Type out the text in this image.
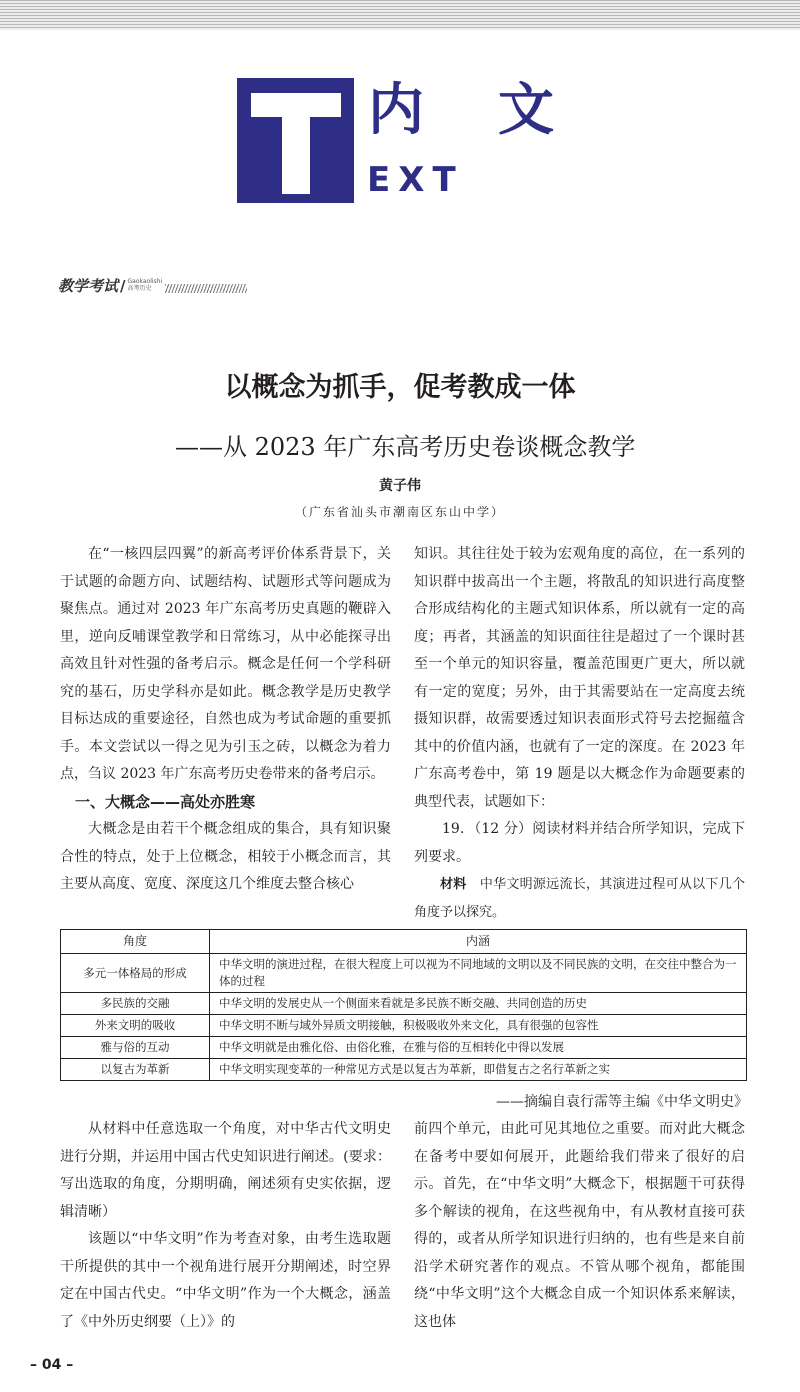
内文
EXT
教学考试 / Gaokaolishi
高考历史
以概念为抓手，促考教成一体
——从 2023 年广东高考历史卷谈概念教学
黄子伟
（广东省汕头市潮南区东山中学）

在“一核四层四翼”的新高考评价体系背景下，关于试题的命题方向、试题结构、试题形式等问题成为聚焦点。通过对 2023 年广东高考历史真题的鞭辟入里，逆向反哺课堂教学和日常练习，从中必能探寻出高效且针对性强的备考启示。概念是任何一个学科研究的基石，历史学科亦是如此。概念教学是历史教学目标达成的重要途径，自然也成为考试命题的重要抓手。本文尝试以一得之见为引玉之砖，以概念为着力点，刍议 2023 年广东高考历史卷带来的备考启示。

一、大概念——高处亦胜寒

大概念是由若干个概念组成的集合，具有知识聚合性的特点，处于上位概念，相较于小概念而言，其主要从高度、宽度、深度这几个维度去整合核心

知识。其往往处于较为宏观角度的高位，在一系列的知识群中拔高出一个主题，将散乱的知识进行高度整合形成结构化的主题式知识体系，所以就有一定的高度；再者，其涵盖的知识面往往是超过了一个课时甚至一个单元的知识容量，覆盖范围更广更大，所以就有一定的宽度；另外，由于其需要站在一定高度去统摄知识群，故需要透过知识表面形式符号去挖掘蕴含其中的价值内涵，也就有了一定的深度。在 2023 年广东高考卷中，第 19 题是以大概念作为命题要素的典型代表，试题如下：

19．（12 分）阅读材料并结合所学知识，完成下列要求。

材料　 中华文明源远流长，其演进过程可从以下几个角度予以探究。

角度	内涵
多元一体格局的形成	中华文明的演进过程，在很大程度上可以视为不同地域的文明以及不同民族的文明，在交往中整合为一体的过程
多民族的交融	中华文明的发展史从一个侧面来看就是多民族不断交融、共同创造的历史
外来文明的吸收	中华文明不断与域外异质文明接触，积极吸收外来文化，具有很强的包容性
雅与俗的互动	中华文明就是由雅化俗、由俗化雅，在雅与俗的互相转化中得以发展
以复古为革新	中华文明实现变革的一种常见方式是以复古为革新，即借复古之名行革新之实
——摘编自袁行霈等主编《中华文明史》

从材料中任意选取一个角度，对中华古代文明史进行分期，并运用中国古代史知识进行阐述。(要求：写出选取的角度，分期明确，阐述须有史实依据，逻辑清晰）

该题以“中华文明”作为考查对象，由考生选取题干所提供的其中一个视角进行展开分期阐述，时空界定在中国古代史。“中华文明”作为一个大概念，涵盖了《中外历史纲要（上）》的

前四个单元，由此可见其地位之重要。而对此大概念在备考中要如何展开，此题给我们带来了很好的启示。首先，在“中华文明”大概念下，根据题干可获得多个解读的视角，在这些视角中，有从教材直接可获得的，或者从所学知识进行归纳的，也有些是来自前沿学术研究著作的观点。不管从哪个视角，都能围绕“中华文明”这个大概念自成一个知识体系来解读，这也体

– 04 –
